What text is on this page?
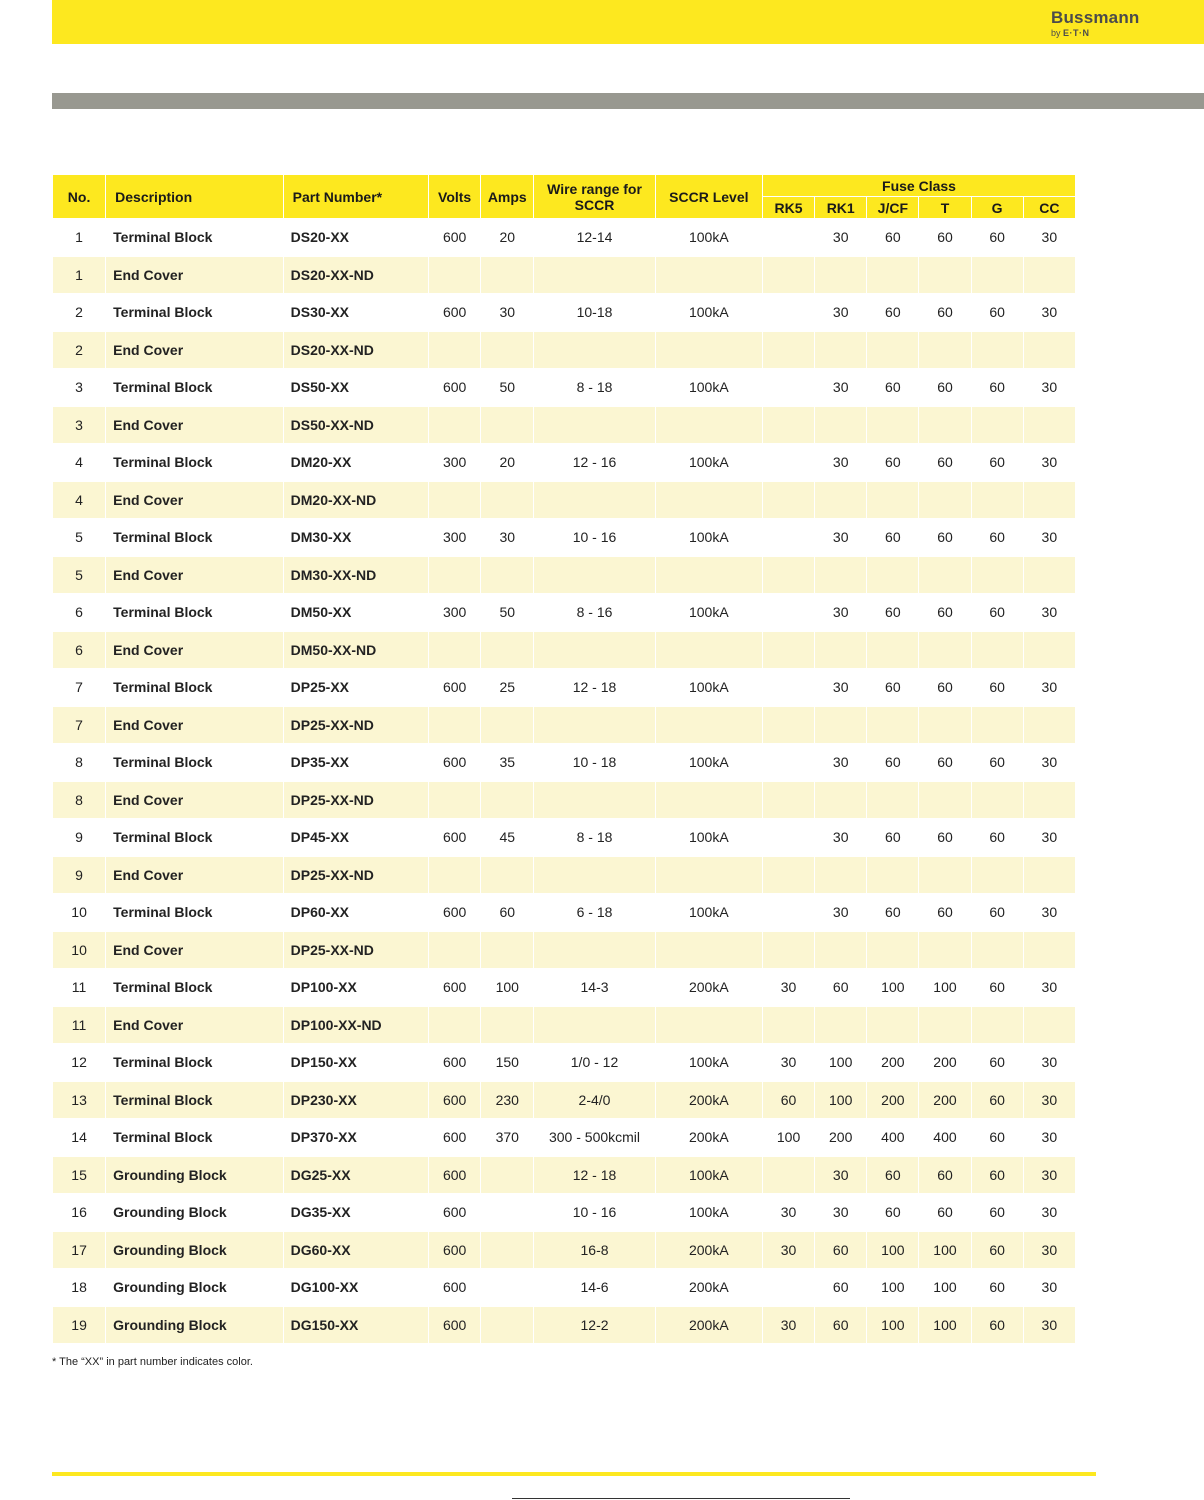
Bussmann
by E·T·N
No.	Description	Part Number*	Volts	Amps	Wire range for
SCCR	SCCR Level	Fuse Class					
							RK5	RK1	J/CF	T	G	CC
1	Terminal Block	DS20-XX	600	20	12-14	100kA		30	60	60	60	30
1	End Cover	DS20-XX-ND										
2	Terminal Block	DS30-XX	600	30	10-18	100kA		30	60	60	60	30
2	End Cover	DS20-XX-ND										
3	Terminal Block	DS50-XX	600	50	8 - 18	100kA		30	60	60	60	30
3	End Cover	DS50-XX-ND										
4	Terminal Block	DM20-XX	300	20	12 - 16	100kA		30	60	60	60	30
4	End Cover	DM20-XX-ND										
5	Terminal Block	DM30-XX	300	30	10 - 16	100kA		30	60	60	60	30
5	End Cover	DM30-XX-ND										
6	Terminal Block	DM50-XX	300	50	8 - 16	100kA		30	60	60	60	30
6	End Cover	DM50-XX-ND										
7	Terminal Block	DP25-XX	600	25	12 - 18	100kA		30	60	60	60	30
7	End Cover	DP25-XX-ND										
8	Terminal Block	DP35-XX	600	35	10 - 18	100kA		30	60	60	60	30
8	End Cover	DP25-XX-ND										
9	Terminal Block	DP45-XX	600	45	8 - 18	100kA		30	60	60	60	30
9	End Cover	DP25-XX-ND										
10	Terminal Block	DP60-XX	600	60	6 - 18	100kA		30	60	60	60	30
10	End Cover	DP25-XX-ND										
11	Terminal Block	DP100-XX	600	100	14-3	200kA	30	60	100	100	60	30
11	End Cover	DP100-XX-ND										
12	Terminal Block	DP150-XX	600	150	1/0 - 12	100kA	30	100	200	200	60	30
13	Terminal Block	DP230-XX	600	230	2-4/0	200kA	60	100	200	200	60	30
14	Terminal Block	DP370-XX	600	370	300 - 500kcmil	200kA	100	200	400	400	60	30
15	Grounding Block	DG25-XX	600		12 - 18	100kA		30	60	60	60	30
16	Grounding Block	DG35-XX	600		10 - 16	100kA	30	30	60	60	60	30
17	Grounding Block	DG60-XX	600		16-8	200kA	30	60	100	100	60	30
18	Grounding Block	DG100-XX	600		14-6	200kA		60	100	100	60	30
19	Grounding Block	DG150-XX	600		12-2	200kA	30	60	100	100	60	30
* The “XX” in part number indicates color.
